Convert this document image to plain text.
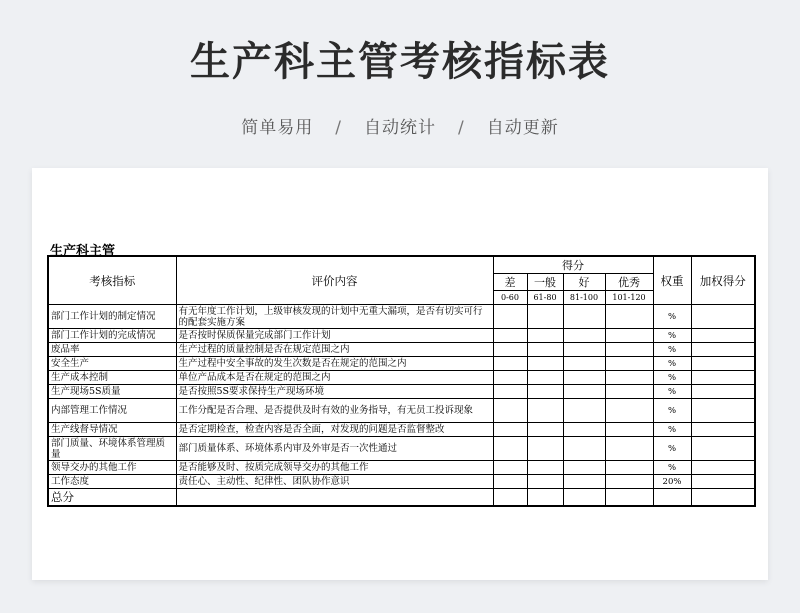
生产科主管考核指标表
简单易用 / 自动统计 / 自动更新
生产科主管
考核指标	评价内容	得分				权重	加权得分
		差	一般	好	优秀		
		0-60	61-80	81-100	101-120		
部门工作计划的制定情况	有无年度工作计划，上级审核发现的计划中无重大漏项，是否有切实可行的配套实施方案					%	
部门工作计划的完成情况	是否按时保质保量完成部门工作计划					%	
废品率	生产过程的质量控制是否在规定范围之内					%	
安全生产	生产过程中安全事故的发生次数是否在规定的范围之内					%	
生产成本控制	单位产品成本是否在规定的范围之内					%	
生产现场5S质量	是否按照5S要求保持生产现场环境					%	
内部管理工作情况	工作分配是否合理、是否提供及时有效的业务指导，有无员工投诉现象					%	
生产线督导情况	是否定期检查，检查内容是否全面，对发现的问题是否监督整改					%	
部门质量、环境体系管理质量	部门质量体系、环境体系内审及外审是否一次性通过					%	
领导交办的其他工作	是否能够及时、按质完成领导交办的其他工作					%	
工作态度	责任心、主动性、纪律性、团队协作意识					20%	
总分							
